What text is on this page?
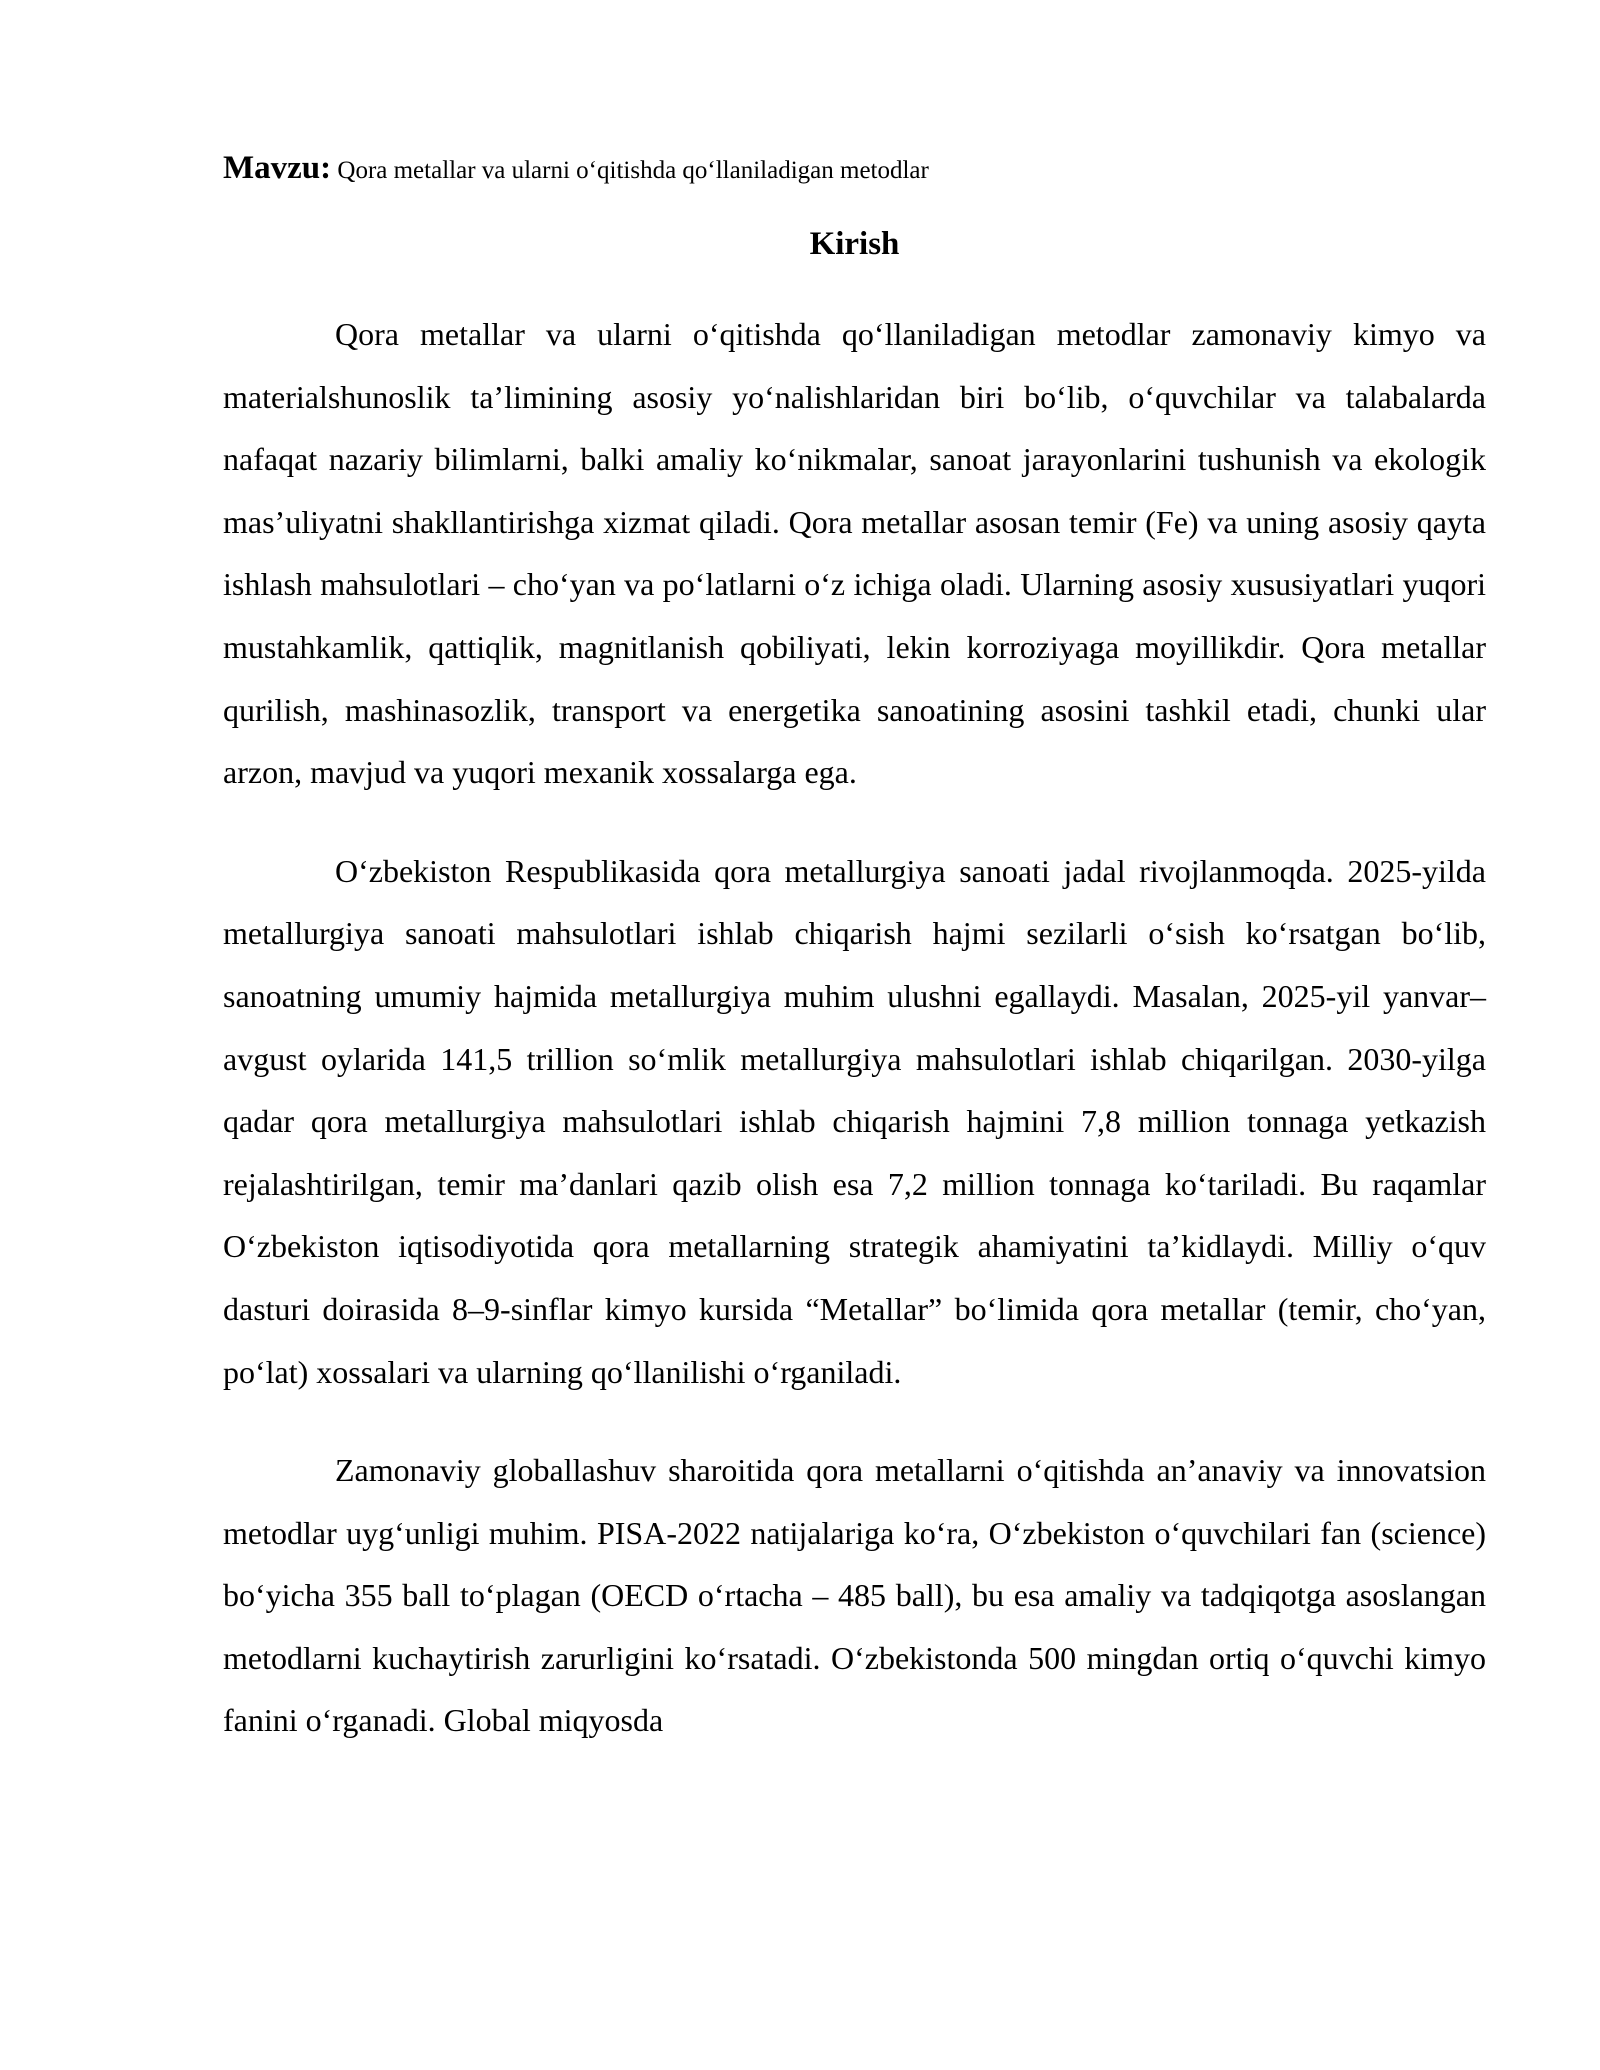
Mavzu: Qora metallar va ularni o‘qitishda qo‘llaniladigan metodlar

Kirish

Qora metallar va ularni o‘qitishda qo‘llaniladigan metodlar zamonaviy kimyo va materialshunoslik ta’limining asosiy yo‘nalishlaridan biri bo‘lib, o‘quvchilar va talabalarda nafaqat nazariy bilimlarni, balki amaliy ko‘nikmalar, sanoat jarayonlarini tushunish va ekologik mas’uliyatni shakllantirishga xizmat qiladi. Qora metallar asosan temir (Fe) va uning asosiy qayta ishlash mahsulotlari – cho‘yan va po‘latlarni o‘z ichiga oladi. Ularning asosiy xususiyatlari yuqori mustahkamlik, qattiqlik, magnitlanish qobiliyati, lekin korroziyaga moyillikdir. Qora metallar qurilish, mashinasozlik, transport va energetika sanoatining asosini tashkil etadi, chunki ular arzon, mavjud va yuqori mexanik xossalarga ega.

O‘zbekiston Respublikasida qora metallurgiya sanoati jadal rivojlanmoqda. 2025-yilda metallurgiya sanoati mahsulotlari ishlab chiqarish hajmi sezilarli o‘sish ko‘rsatgan bo‘lib, sanoatning umumiy hajmida metallurgiya muhim ulushni egallaydi. Masalan, 2025-yil yanvar–avgust oylarida 141,5 trillion so‘mlik metallurgiya mahsulotlari ishlab chiqarilgan. 2030-yilga qadar qora metallurgiya mahsulotlari ishlab chiqarish hajmini 7,8 million tonnaga yetkazish rejalashtirilgan, temir ma’danlari qazib olish esa 7,2 million tonnaga ko‘tariladi. Bu raqamlar O‘zbekiston iqtisodiyotida qora metallarning strategik ahamiyatini ta’kidlaydi. Milliy o‘quv dasturi doirasida 8–9-sinflar kimyo kursida “Metallar” bo‘limida qora metallar (temir, cho‘yan, po‘lat) xossalari va ularning qo‘llanilishi o‘rganiladi.

Zamonaviy globallashuv sharoitida qora metallarni o‘qitishda an’anaviy va innovatsion metodlar uyg‘unligi muhim. PISA-2022 natijalariga ko‘ra, O‘zbekiston o‘quvchilari fan (science) bo‘yicha 355 ball to‘plagan (OECD o‘rtacha – 485 ball), bu esa amaliy va tadqiqotga asoslangan metodlarni kuchaytirish zarurligini ko‘rsatadi. O‘zbekistonda 500 mingdan ortiq o‘quvchi kimyo fanini o‘rganadi. Global miqyosda
